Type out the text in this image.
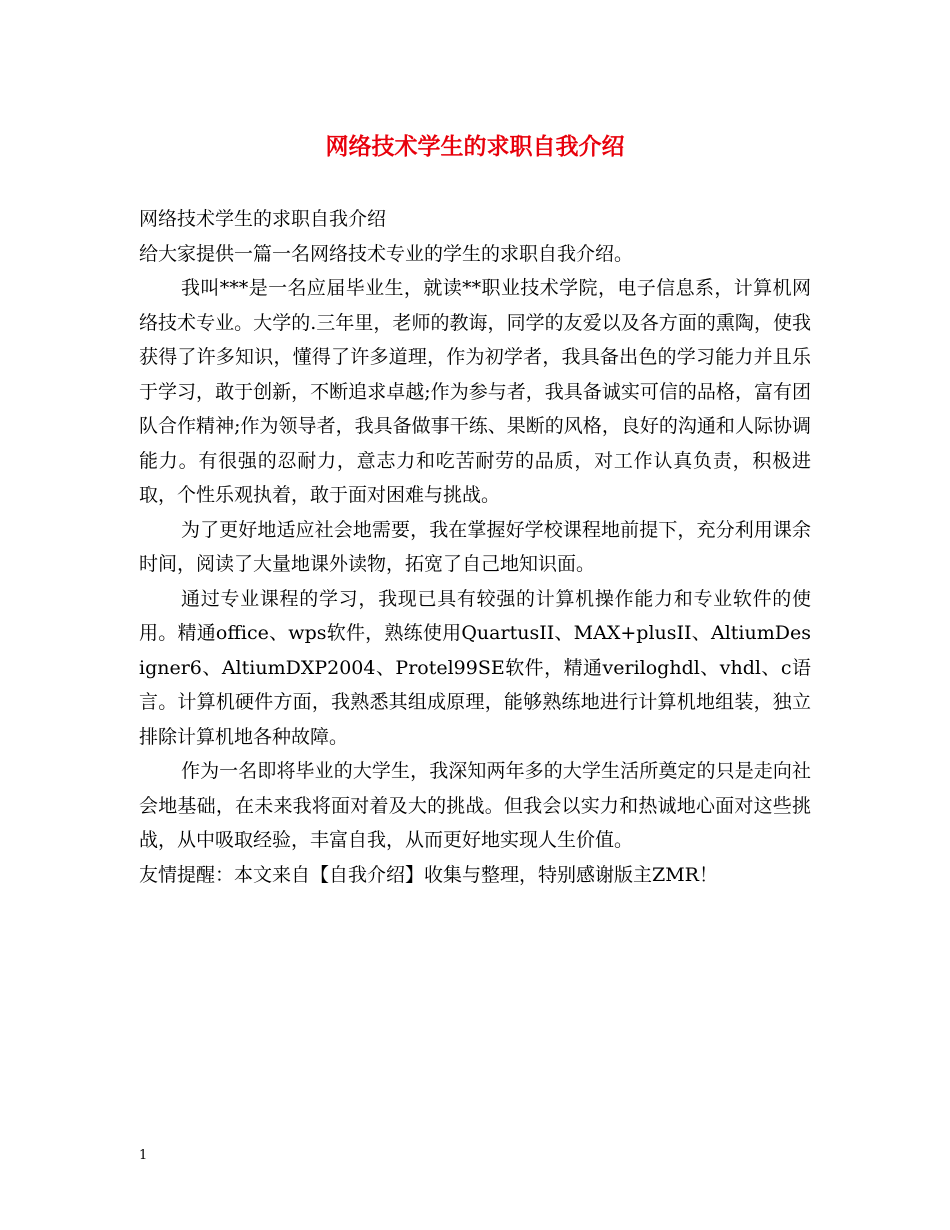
网络技术学生的求职自我介绍

网络技术学生的求职自我介绍

给大家提供一篇一名网络技术专业的学生的求职自我介绍。

我叫***是一名应届毕业生，就读**职业技术学院，电子信息系，计算机网络技术专业。大学的.三年里，老师的教诲，同学的友爱以及各方面的熏陶，使我获得了许多知识，懂得了许多道理，作为初学者，我具备出色的学习能力并且乐于学习，敢于创新，不断追求卓越;作为参与者，我具备诚实可信的品格，富有团队合作精神;作为领导者，我具备做事干练、果断的风格，良好的沟通和人际协调能力。有很强的忍耐力，意志力和吃苦耐劳的品质，对工作认真负责，积极进取，个性乐观执着，敢于面对困难与挑战。

为了更好地适应社会地需要，我在掌握好学校课程地前提下，充分利用课余时间，阅读了大量地课外读物，拓宽了自己地知识面。

通过专业课程的学习，我现已具有较强的计算机操作能力和专业软件的使用。精通office、wps软件，熟练使用QuartusII、MAX+plusII、AltiumDesigner6、AltiumDXP2004、Protel99SE软件，精通veriloghdl、vhdl、c语言。计算机硬件方面，我熟悉其组成原理，能够熟练地进行计算机地组装，独立排除计算机地各种故障。

作为一名即将毕业的大学生，我深知两年多的大学生活所奠定的只是走向社会地基础，在未来我将面对着及大的挑战。但我会以实力和热诚地心面对这些挑战，从中吸取经验，丰富自我，从而更好地实现人生价值。

友情提醒：本文来自【自我介绍】收集与整理，特别感谢版主ZMR！

1
